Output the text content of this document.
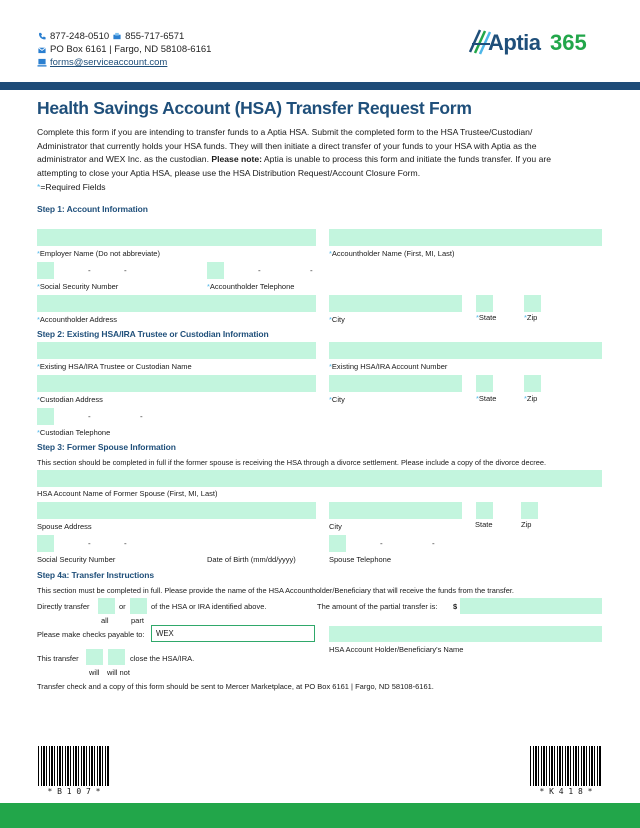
877-248-0510 855-717-6571
PO Box 6161 | Fargo, ND 58108-6161
forms@serviceaccount.com
Aptia 365
Health Savings Account (HSA) Transfer Request Form
Complete this form if you are intending to transfer funds to a Aptia HSA. Submit the completed form to the HSA Trustee/Custodian/
Administrator that currently holds your HSA funds. They will then initiate a direct transfer of your funds to your HSA with Aptia as the
administrator and WEX Inc. as the custodian. Please note: Aptia is unable to process this form and initiate the funds transfer. If you are
attempting to close your Aptia HSA, please use the HSA Distribution Request/Account Closure Form.
*=Required Fields
Step 1: Account Information
*Employer Name (Do not abbreviate)	*Accountholder Name (First, MI, Last)
-	-	-	-
*Social Security Number	*Accountholder Telephone
*Accountholder Address	*City	*State	*Zip
Step 2: Existing HSA/IRA Trustee or Custodian Information
*Existing HSA/IRA Trustee or Custodian Name	*Existing HSA/IRA Account Number
*Custodian Address	*City	*State	*Zip
-	-
*Custodian Telephone
Step 3: Former Spouse Information
This section should be completed in full if the former spouse is receiving the HSA through a divorce settlement. Please include a copy of the divorce decree.
HSA Account Name of Former Spouse (First, MI, Last)
Spouse Address	City	State	Zip
-	-	-	-
Social Security Number	Date of Birth (mm/dd/yyyy)	Spouse Telephone
Step 4a: Transfer Instructions
This section must be completed in full. Please provide the name of the HSA Accountholder/Beneficiary that will receive the funds from the transfer.
Directly transfer	or	of the HSA or IRA identified above.
all	part
The amount of the partial transfer is: $
Please make checks payable to:	WEX
HSA Account Holder/Beneficiary's Name
This transfer	close the HSA/IRA.
will will not
Transfer check and a copy of this form should be sent to Mercer Marketplace, at PO Box 6161 | Fargo, ND 58108-6161.
* B 1 0 7 *	* K 4 1 8 *
